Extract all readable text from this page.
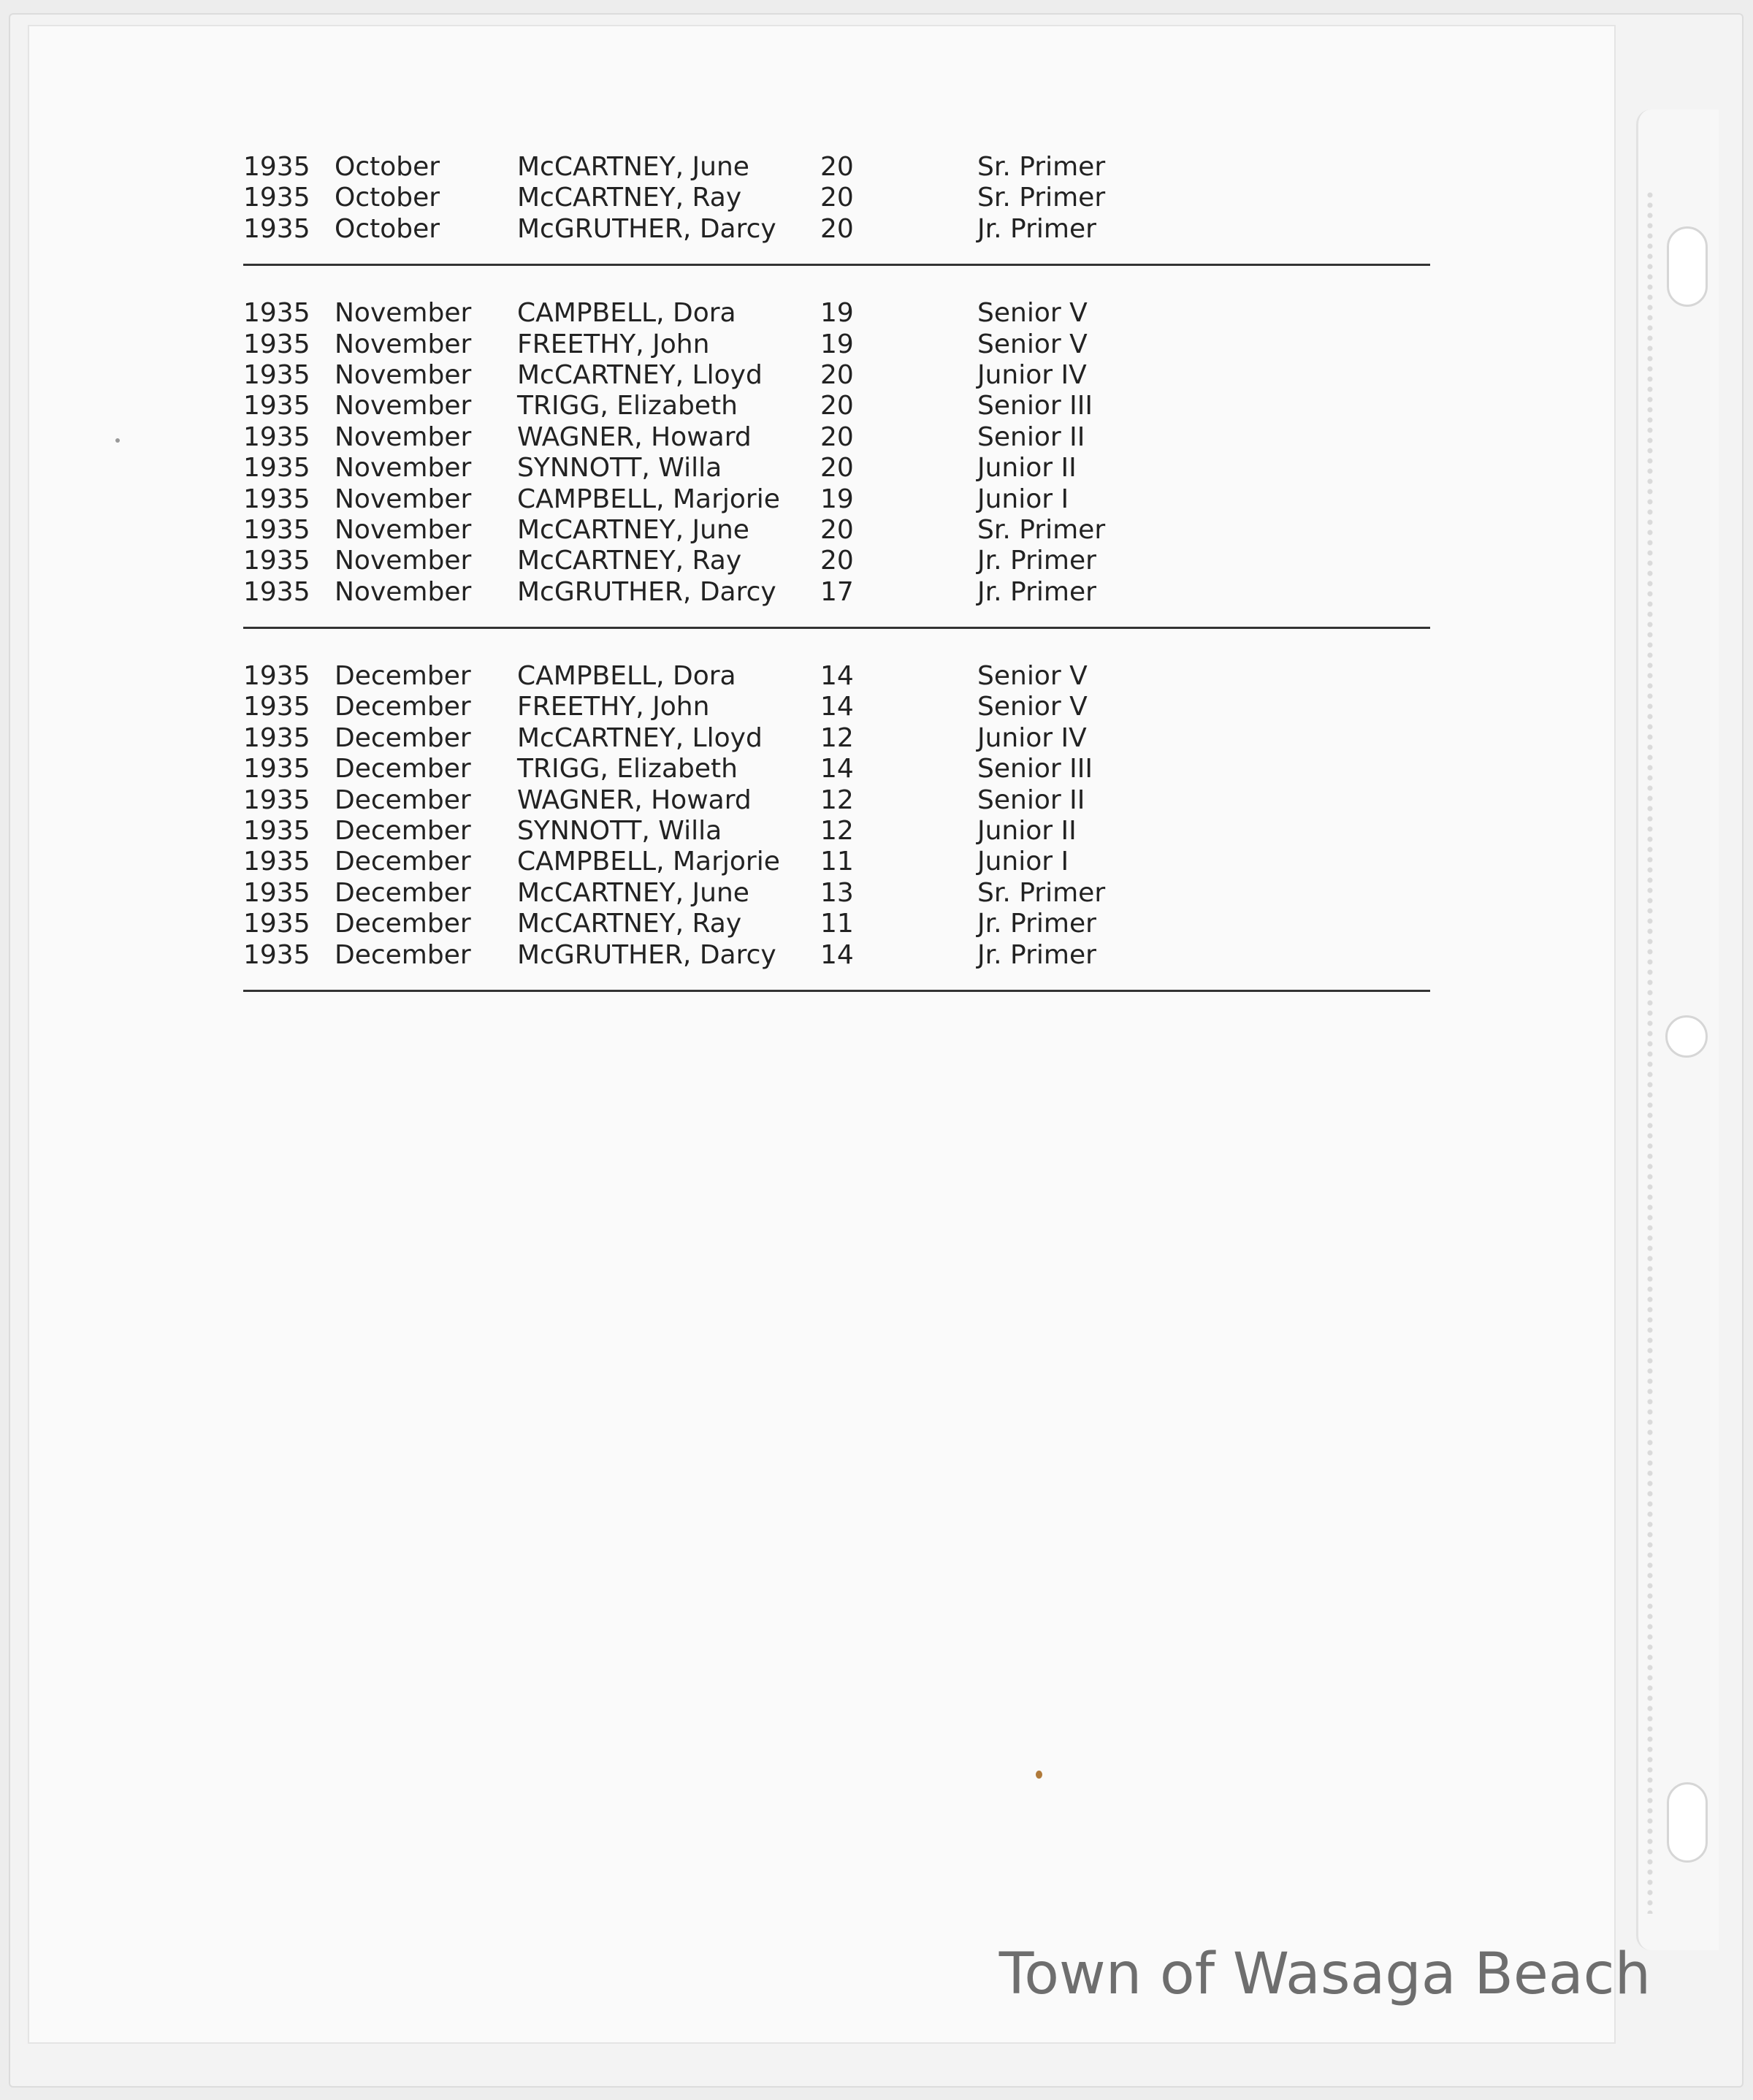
1935 October	McCARTNEY, June	20	Sr. Primer
1935 October	McCARTNEY, Ray	20	Sr. Primer
1935 October	McGRUTHER, Darcy 20	Jr. Primer
1935 November CAMPBELL, Dora	19	Senior V
1935 November FREETHY, John	19	Senior V
1935 November McCARTNEY, Lloyd 20	Junior IV
1935 November TRIGG, Elizabeth	20	Senior III
1935 November WAGNER, Howard	20	Senior II
1935 November SYNNOTT, Willa	20	Junior II
1935 November CAMPBELL, Marjorie 19	Junior I
1935 November McCARTNEY, June	20	Sr. Primer
1935 November McCARTNEY, Ray	20	Jr. Primer
1935 November McGRUTHER, Darcy 17	Jr. Primer
1935 December CAMPBELL, Dora	14	Senior V
1935 December FREETHY, John	14	Senior V
1935 December McCARTNEY, Lloyd 12	Junior IV
1935 December TRIGG, Elizabeth	14	Senior III
1935 December WAGNER, Howard	12	Senior II
1935 December SYNNOTT, Willa	12	Junior II
1935 December CAMPBELL, Marjorie 11	Junior I
1935 December McCARTNEY, June	13	Sr. Primer
1935 December McCARTNEY, Ray	11	Jr. Primer
1935 December McGRUTHER, Darcy 14	Jr. Primer
Town of Wasaga Beach
